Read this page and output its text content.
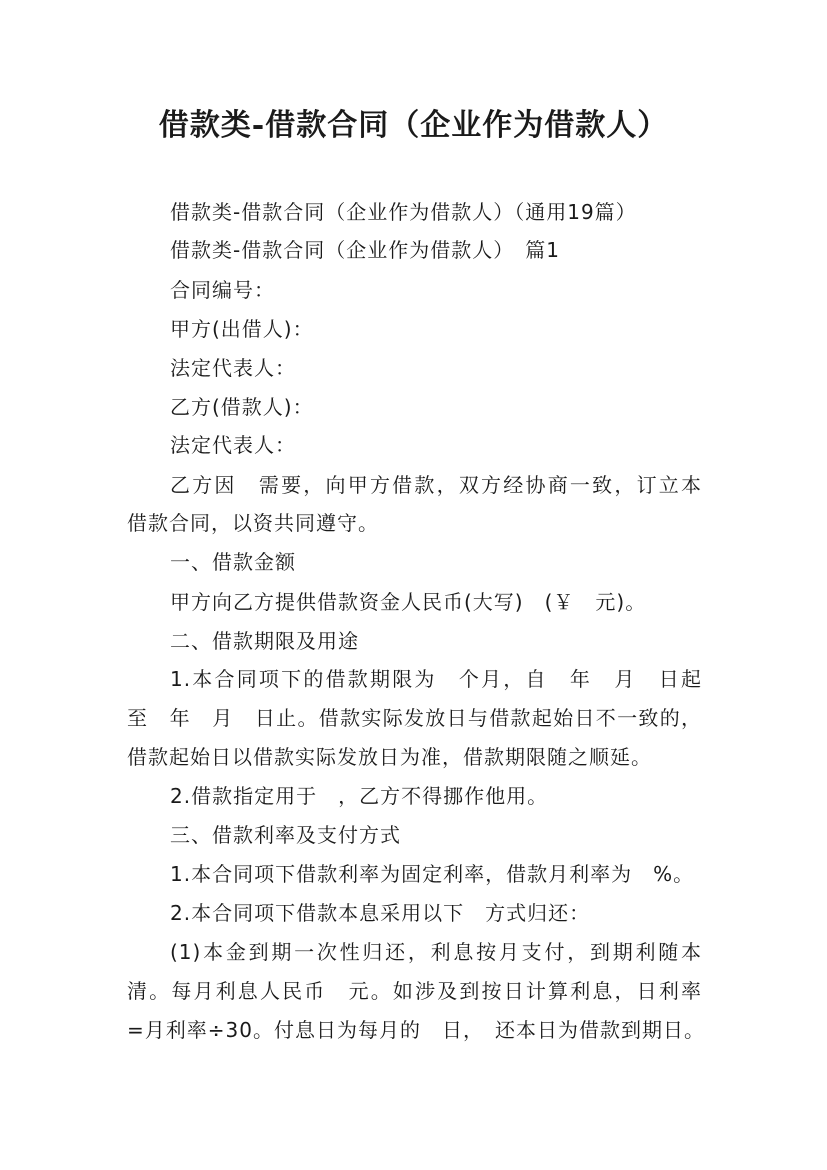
借款类-借款合同（企业作为借款人）
借款类-借款合同（企业作为借款人）（通用19篇）
借款类-借款合同（企业作为借款人）　篇1
合同编号：
甲方(出借人)：
法定代表人：
乙方(借款人)：
法定代表人：
乙方因　需要，向甲方借款，双方经协商一致，订立本
借款合同，以资共同遵守。
一、借款金额
甲方向乙方提供借款资金人民币(大写)　(￥　元)。
二、借款期限及用途
1.本合同项下的借款期限为　个月，自　年　月　日起
至　年　月　日止。借款实际发放日与借款起始日不一致的，
借款起始日以借款实际发放日为准，借款期限随之顺延。
2.借款指定用于　，乙方不得挪作他用。
三、借款利率及支付方式
1.本合同项下借款利率为固定利率，借款月利率为　%。
2.本合同项下借款本息采用以下　方式归还：
(1)本金到期一次性归还，利息按月支付，到期利随本
清。每月利息人民币　元。如涉及到按日计算利息，日利率
=月利率÷30。付息日为每月的　日，　还本日为借款到期日。
